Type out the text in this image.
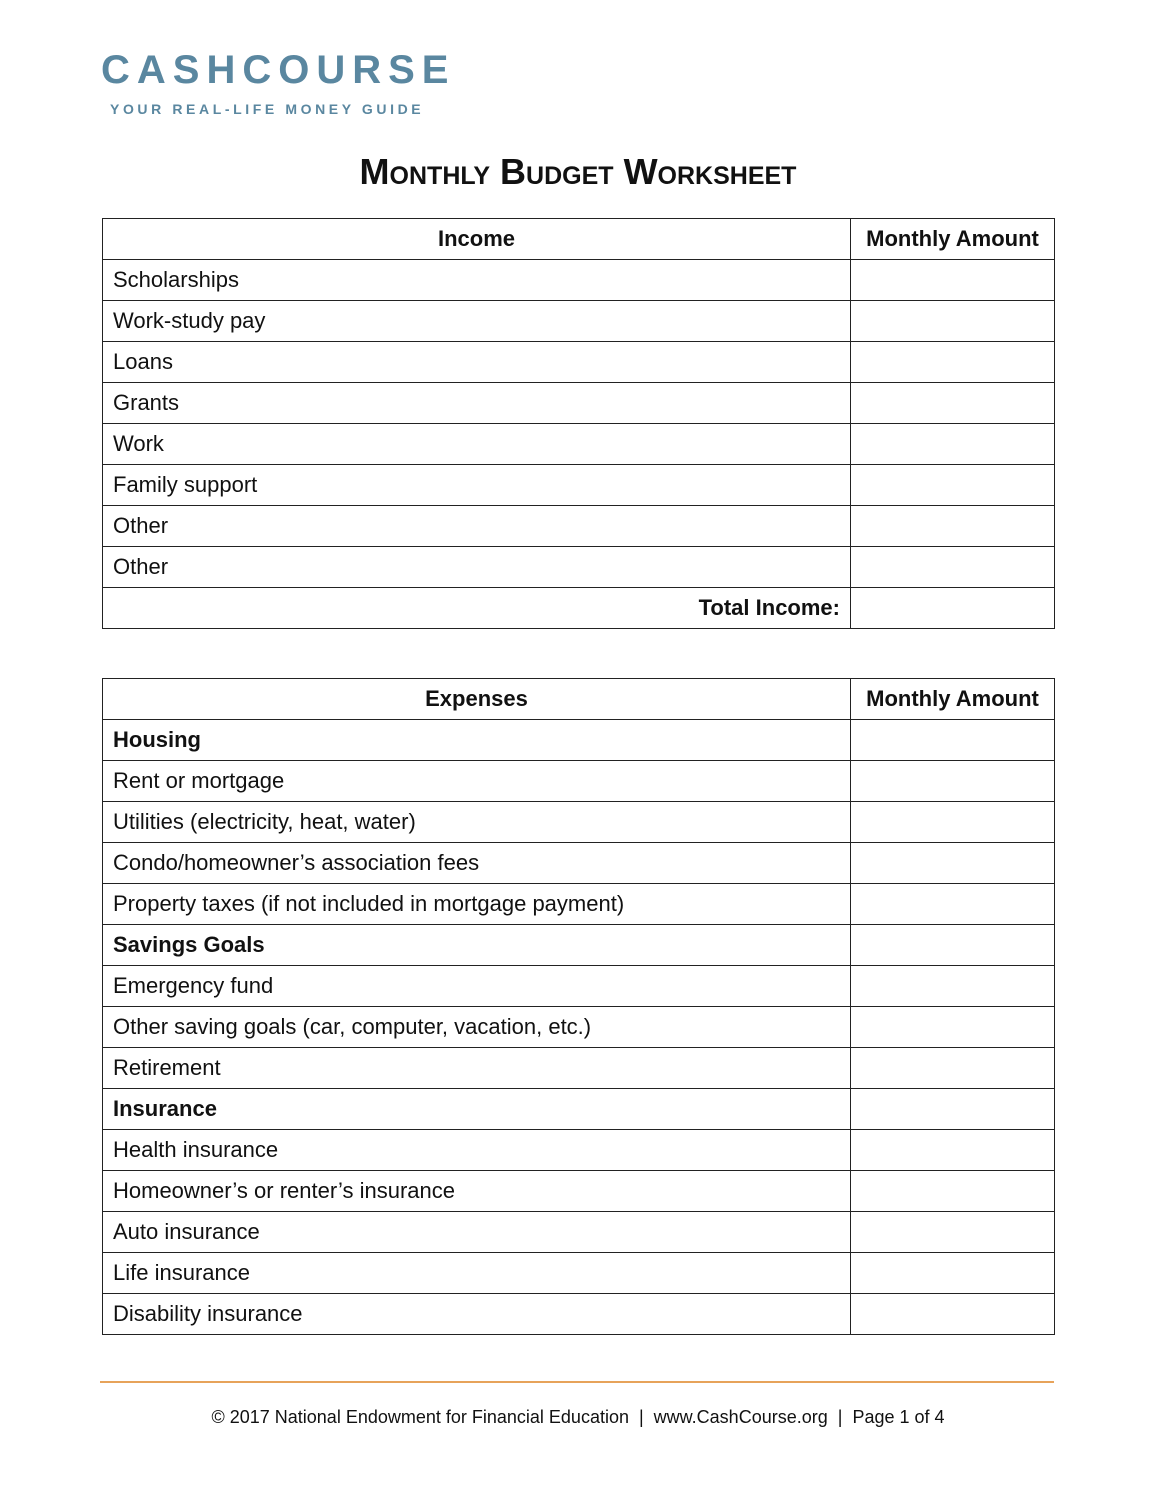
CASHCOURSE
YOUR REAL-LIFE MONEY GUIDE
Monthly Budget Worksheet
Income	Monthly Amount
Scholarships	
Work-study pay	
Loans	
Grants	
Work	
Family support	
Other	
Other	
Total Income:	
Expenses	Monthly Amount
Housing	
Rent or mortgage	
Utilities (electricity, heat, water)	
Condo/homeowner’s association fees	
Property taxes (if not included in mortgage payment)	
Savings Goals	
Emergency fund	
Other saving goals (car, computer, vacation, etc.)	
Retirement	
Insurance	
Health insurance	
Homeowner’s or renter’s insurance	
Auto insurance	
Life insurance	
Disability insurance	
© 2017 National Endowment for Financial Education | www.CashCourse.org | Page 1 of 4
